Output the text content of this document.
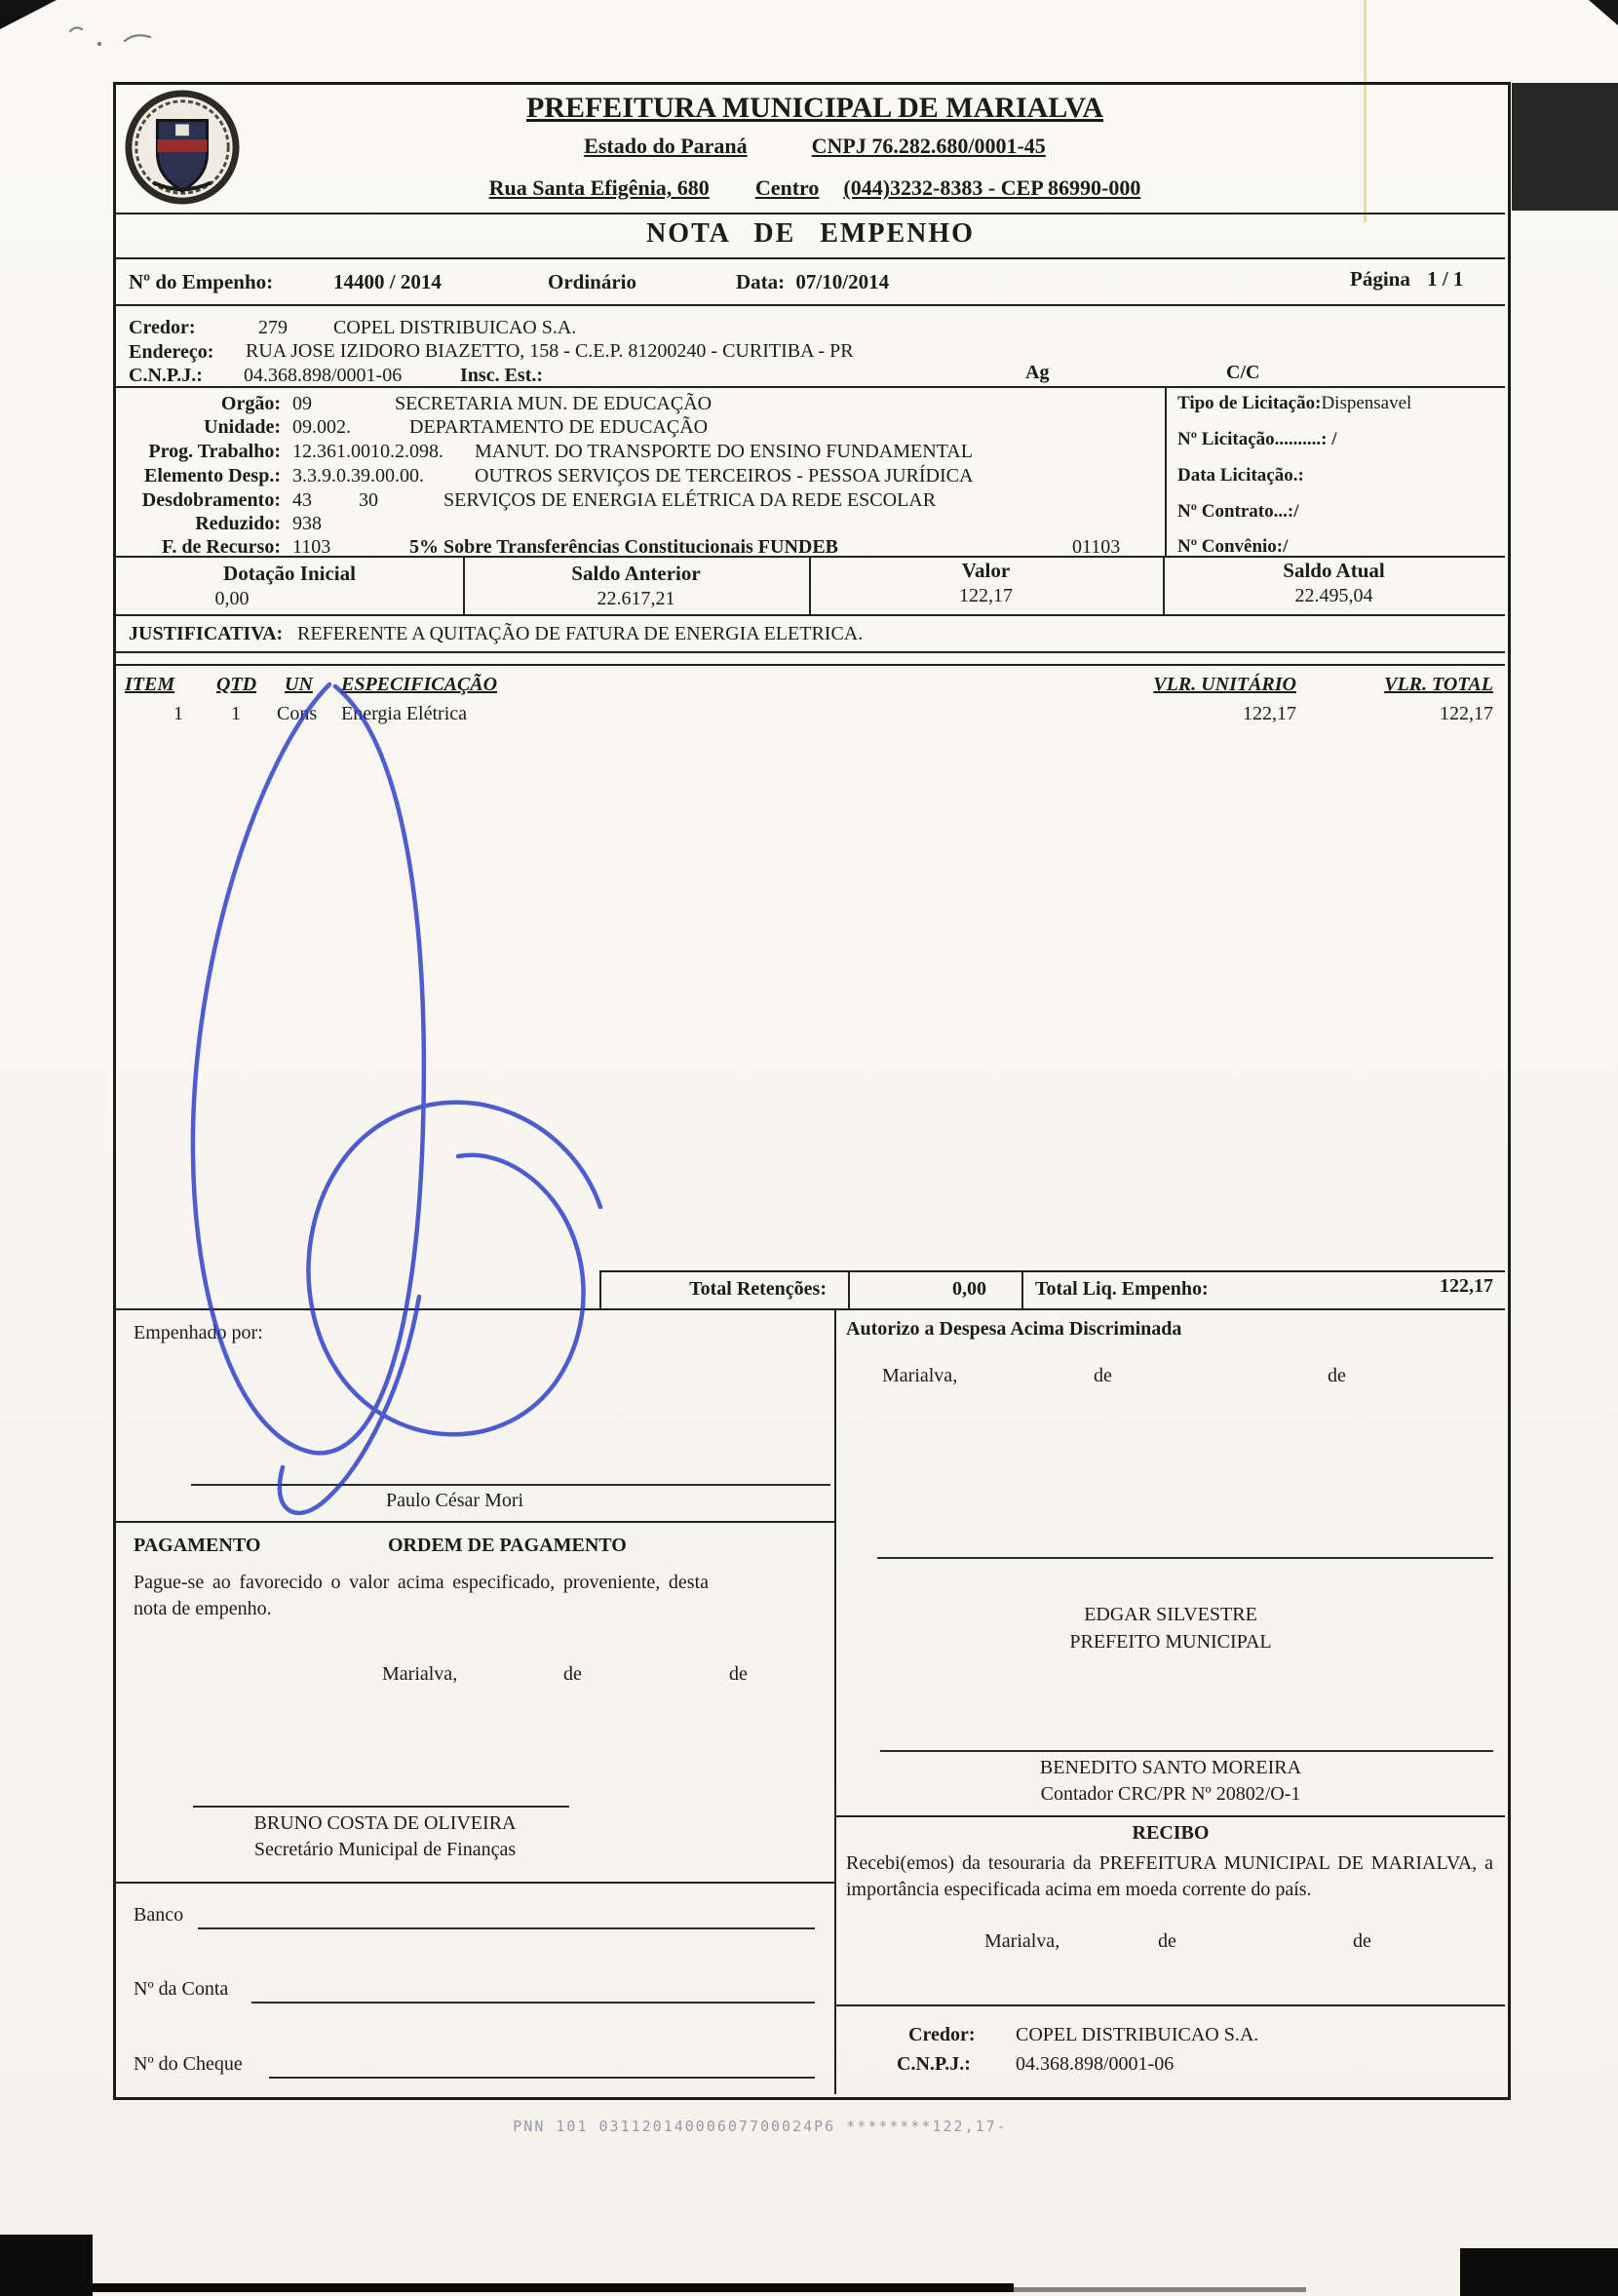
PREFEITURA MUNICIPAL DE MARIALVA
Estado do Paraná	CNPJ 76.282.680/0001-45
Rua Santa Efigênia, 680 Centro (044)3232-8383 - CEP 86990-000
NOTA DE EMPENHO
Nº do Empenho:	14400 / 2014	Ordinário	Data: 07/10/2014	Página 1 / 1
Credor:	279 COPEL DISTRIBUICAO S.A.
Endereço: RUA JOSE IZIDORO BIAZETTO, 158 - C.E.P. 81200240 - CURITIBA - PR
C.N.P.J.: 04.368.898/0001-06	Insc. Est.:	Ag	C/C
Orgão: 09	SECRETARIA MUN. DE EDUCAÇÃO
Unidade: 09.002.	DEPARTAMENTO DE EDUCAÇÃO
Prog. Trabalho: 12.361.0010.2.098. MANUT. DO TRANSPORTE DO ENSINO FUNDAMENTAL
Elemento Desp.: 3.3.9.0.39.00.00.	OUTROS SERVIÇOS DE TERCEIROS - PESSOA JURÍDICA
Desdobramento: 43 30	SERVIÇOS DE ENERGIA ELÉTRICA DA REDE ESCOLAR
Reduzido: 938
F. de Recurso: 1103	5% Sobre Transferências Constitucionais FUNDEB	01103
Tipo de Licitação:Dispensavel
Nº Licitação..........: /
Data Licitação.:
Nº Contrato...:/
Nº Convênio:/
Dotação Inicial	Saldo Anterior	Valor	Saldo Atual
0,00	22.617,21	122,17	22.495,04
JUSTIFICATIVA: REFERENTE A QUITAÇÃO DE FATURA DE ENERGIA ELETRICA.
ITEM QTD UN ESPECIFICAÇÃO	VLR. UNITÁRIO	VLR. TOTAL
1 1 Cons Energia Elétrica	122,17	122,17
Total Retenções:	0,00	Total Liq. Empenho:	122,17
Empenhado por:
Paulo César Mori
Autorizo a Despesa Acima Discriminada
Marialva,	de	de
PAGAMENTO	ORDEM DE PAGAMENTO
Pague-se ao favorecido o valor acima especificado, proveniente, desta nota de empenho.
Marialva,	de	de
EDGAR SILVESTRE
PREFEITO MUNICIPAL
BENEDITO SANTO MOREIRA
Contador CRC/PR Nº 20802/O-1
BRUNO COSTA DE OLIVEIRA
Secretário Municipal de Finanças
RECIBO
Recebi(emos) da tesouraria da PREFEITURA MUNICIPAL DE MARIALVA, a importância especificada acima em moeda corrente do país.
Marialva,	de	de
Credor: COPEL DISTRIBUICAO S.A.
C.N.P.J.: 04.368.898/0001-06
Banco
Nº da Conta
Nº do Cheque
PNN 101 03112014000607700024P6 ********122,17-
